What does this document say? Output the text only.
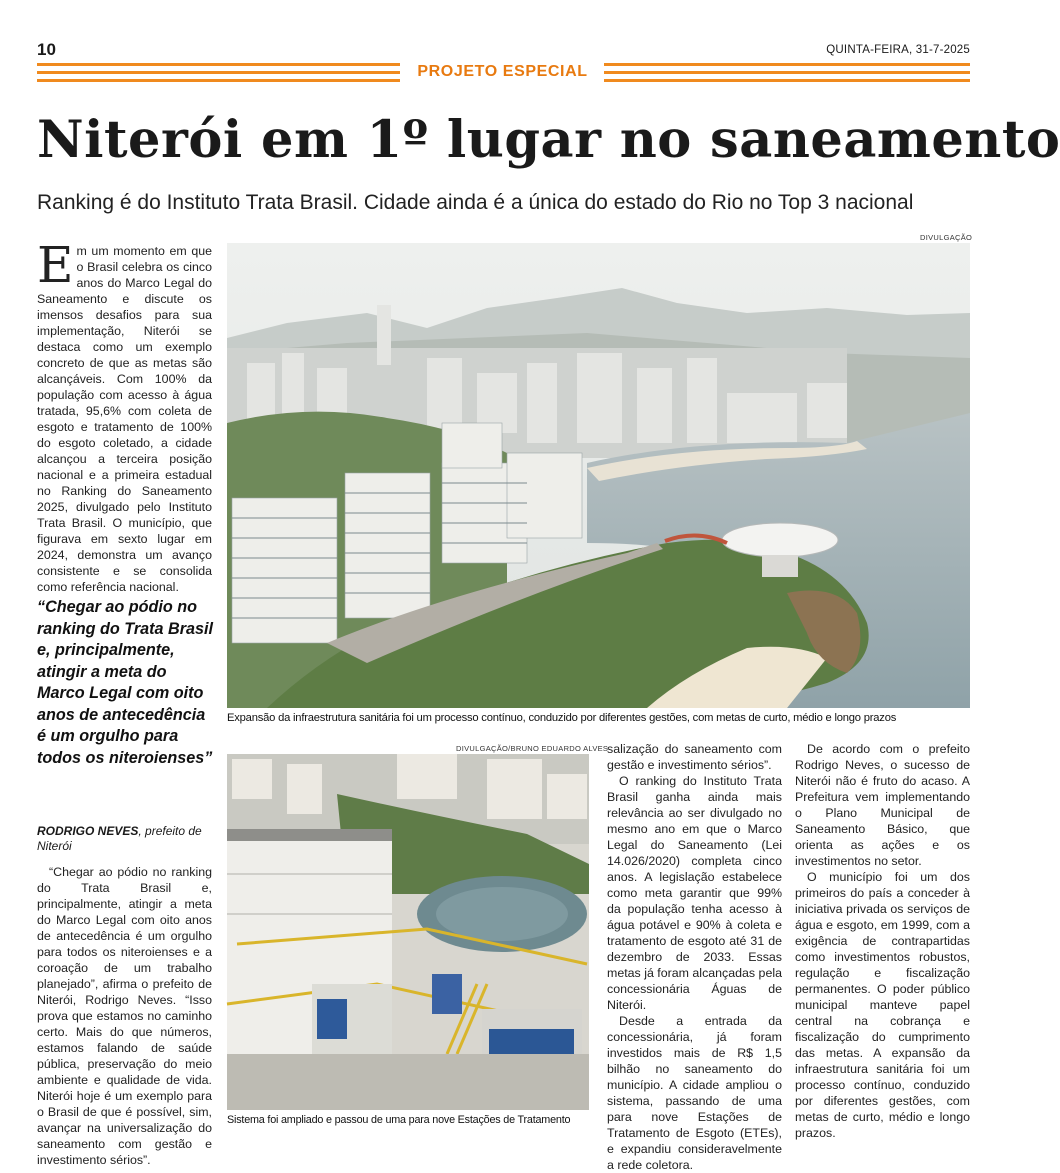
10	QUINTA-FEIRA, 31-7-2025
PROJETO ESPECIAL
Niterói em 1º lugar no saneamento
Ranking é do Instituto Trata Brasil. Cidade ainda é a única do estado do Rio no Top 3 nacional
E m um momento em que o Brasil celebra os cinco anos do Marco Legal do Saneamento e discute os imensos desafios para sua implementação, Niterói se destaca como um exemplo concreto de que as metas são alcançáveis. Com 100% da população com acesso à água tratada, 95,6% com coleta de esgoto e tratamento de 100% do esgoto coletado, a cidade alcançou a terceira posição nacional e a primeira estadual no Ranking do Saneamento 2025, divulgado pelo Instituto Trata Brasil. O município, que figurava em sexto lugar em 2024, demonstra um avanço consistente e se consolida como referência nacional.
“Chegar ao pódio no ranking do Trata Brasil e, principalmente, atingir a meta do Marco Legal com oito anos de antecedência é um orgulho para todos os niteroienses”
RODRIGO NEVES, prefeito de Niterói

“Chegar ao pódio no ranking do Trata Brasil e, principalmente, atingir a meta do Marco Legal com oito anos de antecedência é um orgulho para todos os niteroienses e a coroação de um trabalho planejado”, afirma o prefeito de Niterói, Rodrigo Neves. “Isso prova que estamos no caminho certo. Mais do que números, estamos falando de saúde pública, preservação do meio ambiente e qualidade de vida. Niterói hoje é um exemplo para o Brasil de que é possível, sim, avançar na universalização do saneamento com gestão e investimento sérios”.

DIVULGAÇÃO
Expansão da infraestrutura sanitária foi um processo contínuo, conduzido por diferentes gestões, com metas de curto, médio e longo prazos
DIVULGAÇÃO/BRUNO EDUARDO ALVES
Sistema foi ampliado e passou de uma para nove Estações de Tratamento

salização do saneamento com gestão e investimento sérios”.

O ranking do Instituto Trata Brasil ganha ainda mais relevância ao ser divulgado no mesmo ano em que o Marco Legal do Saneamento (Lei 14.026/2020) completa cinco anos. A legislação estabelece como meta garantir que 99% da população tenha acesso à água potável e 90% à coleta e tratamento de esgoto até 31 de dezembro de 2033. Essas metas já foram alcançadas pela concessionária Águas de Niterói.

Desde a entrada da concessionária, já foram investidos mais de R$ 1,5 bilhão no saneamento do município. A cidade ampliou o sistema, passando de uma para nove Estações de Tratamento de Esgoto (ETEs), e expandiu consideravelmente a rede coletora.

De acordo com o prefeito Rodrigo Neves, o sucesso de Niterói não é fruto do acaso. A Prefeitura vem implementando o Plano Municipal de Saneamento Básico, que orienta as ações e os investimentos no setor.

O município foi um dos primeiros do país a conceder à iniciativa privada os serviços de água e esgoto, em 1999, com a exigência de contrapartidas como investimentos robustos, regulação e fiscalização permanentes. O poder público municipal manteve papel central na cobrança e fiscalização do cumprimento das metas. A expansão da infraestrutura sanitária foi um processo contínuo, conduzido por diferentes gestões, com metas de curto, médio e longo prazos.
